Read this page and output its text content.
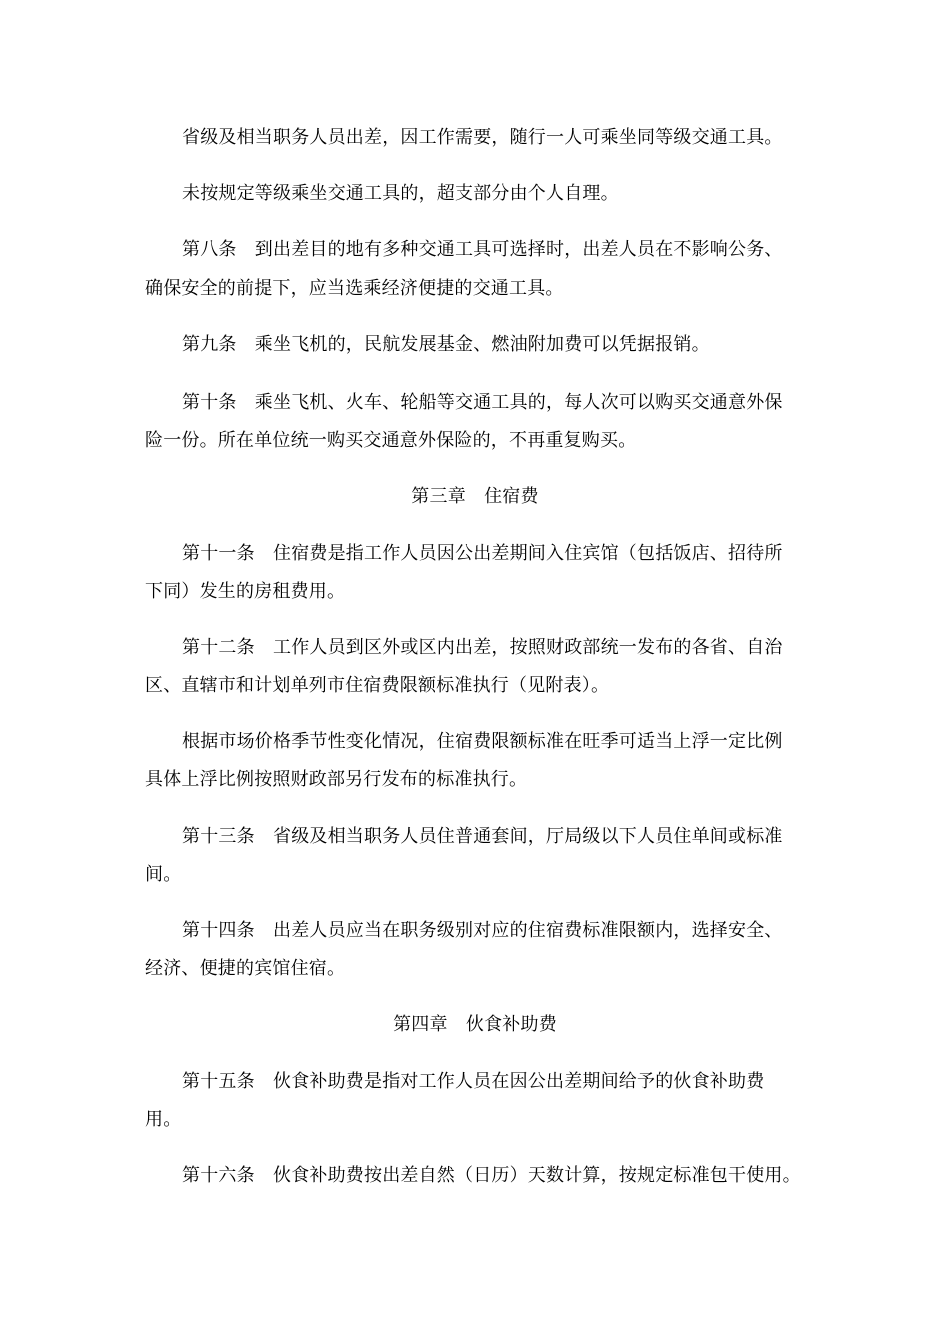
省级及相当职务人员出差，因工作需要，随行一人可乘坐同等级交通工具。
未按规定等级乘坐交通工具的，超支部分由个人自理。
第八条　到出差目的地有多种交通工具可选择时，出差人员在不影响公务、
确保安全的前提下，应当选乘经济便捷的交通工具。
第九条　乘坐飞机的，民航发展基金、燃油附加费可以凭据报销。
第十条　乘坐飞机、火车、轮船等交通工具的，每人次可以购买交通意外保
险一份。所在单位统一购买交通意外保险的，不再重复购买。
第三章　住宿费
第十一条　住宿费是指工作人员因公出差期间入住宾馆（包括饭店、招待所
下同）发生的房租费用。
第十二条　工作人员到区外或区内出差，按照财政部统一发布的各省、自治
区、直辖市和计划单列市住宿费限额标准执行（见附表）。
根据市场价格季节性变化情况，住宿费限额标准在旺季可适当上浮一定比例
具体上浮比例按照财政部另行发布的标准执行。
第十三条　省级及相当职务人员住普通套间，厅局级以下人员住单间或标准
间。
第十四条　出差人员应当在职务级别对应的住宿费标准限额内，选择安全、
经济、便捷的宾馆住宿。
第四章　伙食补助费
第十五条　伙食补助费是指对工作人员在因公出差期间给予的伙食补助费
用。
第十六条　伙食补助费按出差自然（日历）天数计算，按规定标准包干使用。
